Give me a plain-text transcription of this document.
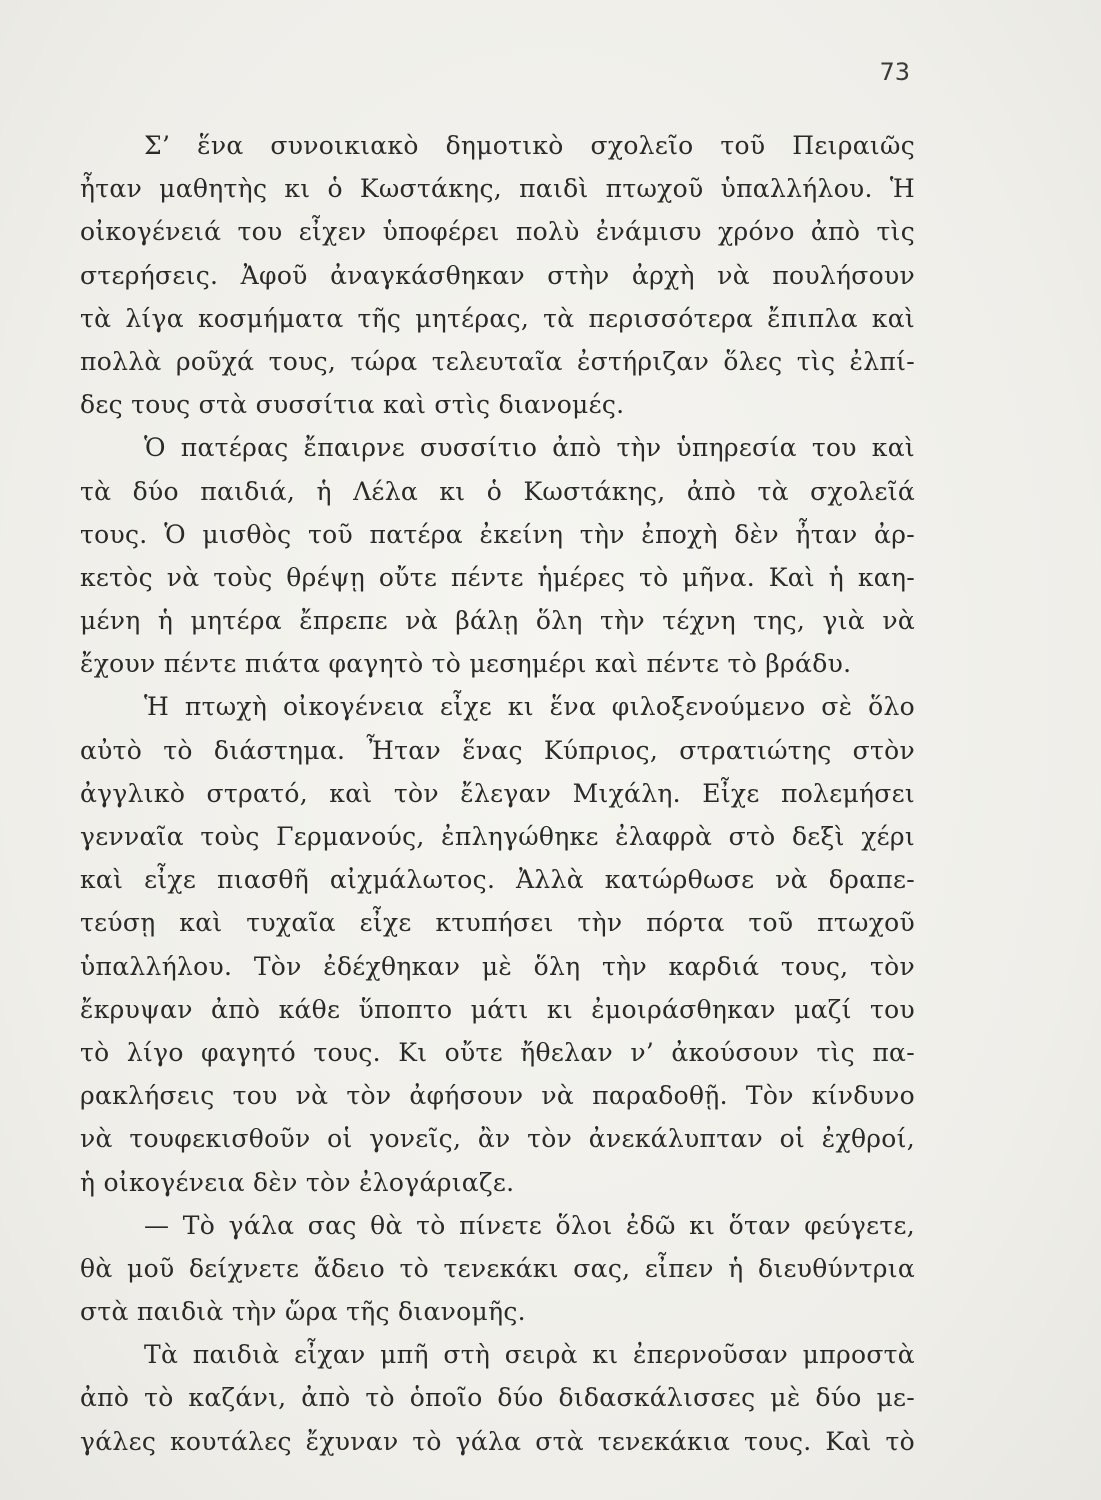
73
Σ’ ἕνα συνοικιακὸ δημοτικὸ σχολεῖο τοῦ Πειραιῶς
ἦταν μαθητὴς κι ὁ Κωστάκης, παιδὶ πτωχοῦ ὑπαλλήλου. Ἡ
οἰκογένειά του εἶχεν ὑποφέρει πολὺ ἐνάμισυ χρόνο ἀπὸ τὶς
στερήσεις. Ἀφοῦ ἀναγκάσθηκαν στὴν ἀρχὴ νὰ πουλήσουν
τὰ λίγα κοσμήματα τῆς μητέρας, τὰ περισσότερα ἔπιπλα καὶ
πολλὰ ροῦχά τους, τώρα τελευταῖα ἐστήριζαν ὅλες τὶς ἐλπί-
δες τους στὰ συσσίτια καὶ στὶς διανομές.
Ὁ πατέρας ἔπαιρνε συσσίτιο ἀπὸ τὴν ὑπηρεσία του καὶ
τὰ δύο παιδιά, ἡ Λέλα κι ὁ Κωστάκης, ἀπὸ τὰ σχολεῖά
τους. Ὁ μισθὸς τοῦ πατέρα ἐκείνη τὴν ἐποχὴ δὲν ἦταν ἀρ-
κετὸς νὰ τοὺς θρέψῃ οὔτε πέντε ἡμέρες τὸ μῆνα. Καὶ ἡ καη-
μένη ἡ μητέρα ἔπρεπε νὰ βάλῃ ὅλη τὴν τέχνη της, γιὰ νὰ
ἔχουν πέντε πιάτα φαγητὸ τὸ μεσημέρι καὶ πέντε τὸ βράδυ.
Ἡ πτωχὴ οἰκογένεια εἶχε κι ἕνα φιλοξενούμενο σὲ ὅλο
αὐτὸ τὸ διάστημα. Ἦταν ἕνας Κύπριος, στρατιώτης στὸν
ἀγγλικὸ στρατό, καὶ τὸν ἔλεγαν Μιχάλη. Εἶχε πολεμήσει
γενναῖα τοὺς Γερμανούς, ἐπληγώθηκε ἐλαφρὰ στὸ δεξὶ χέρι
καὶ εἶχε πιασθῆ αἰχμάλωτος. Ἀλλὰ κατώρθωσε νὰ δραπε-
τεύσῃ καὶ τυχαῖα εἶχε κτυπήσει τὴν πόρτα τοῦ πτωχοῦ
ὑπαλλήλου. Τὸν ἐδέχθηκαν μὲ ὅλη τὴν καρδιά τους, τὸν
ἔκρυψαν ἀπὸ κάθε ὕποπτο μάτι κι ἐμοιράσθηκαν μαζί του
τὸ λίγο φαγητό τους. Κι οὔτε ἤθελαν ν’ ἀκούσουν τὶς πα-
ρακλήσεις του νὰ τὸν ἀφήσουν νὰ παραδοθῇ. Τὸν κίνδυνο
νὰ τουφεκισθοῦν οἱ γονεῖς, ἂν τὸν ἀνεκάλυπταν οἱ ἐχθροί,
ἡ οἰκογένεια δὲν τὸν ἐλογάριαζε.
— Τὸ γάλα σας θὰ τὸ πίνετε ὅλοι ἐδῶ κι ὅταν φεύγετε,
θὰ μοῦ δείχνετε ἄδειο τὸ τενεκάκι σας, εἶπεν ἡ διευθύντρια
στὰ παιδιὰ τὴν ὥρα τῆς διανομῆς.
Τὰ παιδιὰ εἶχαν μπῆ στὴ σειρὰ κι ἐπερνοῦσαν μπροστὰ
ἀπὸ τὸ καζάνι, ἀπὸ τὸ ὁποῖο δύο διδασκάλισσες μὲ δύο με-
γάλες κουτάλες ἔχυναν τὸ γάλα στὰ τενεκάκια τους. Καὶ τὸ
